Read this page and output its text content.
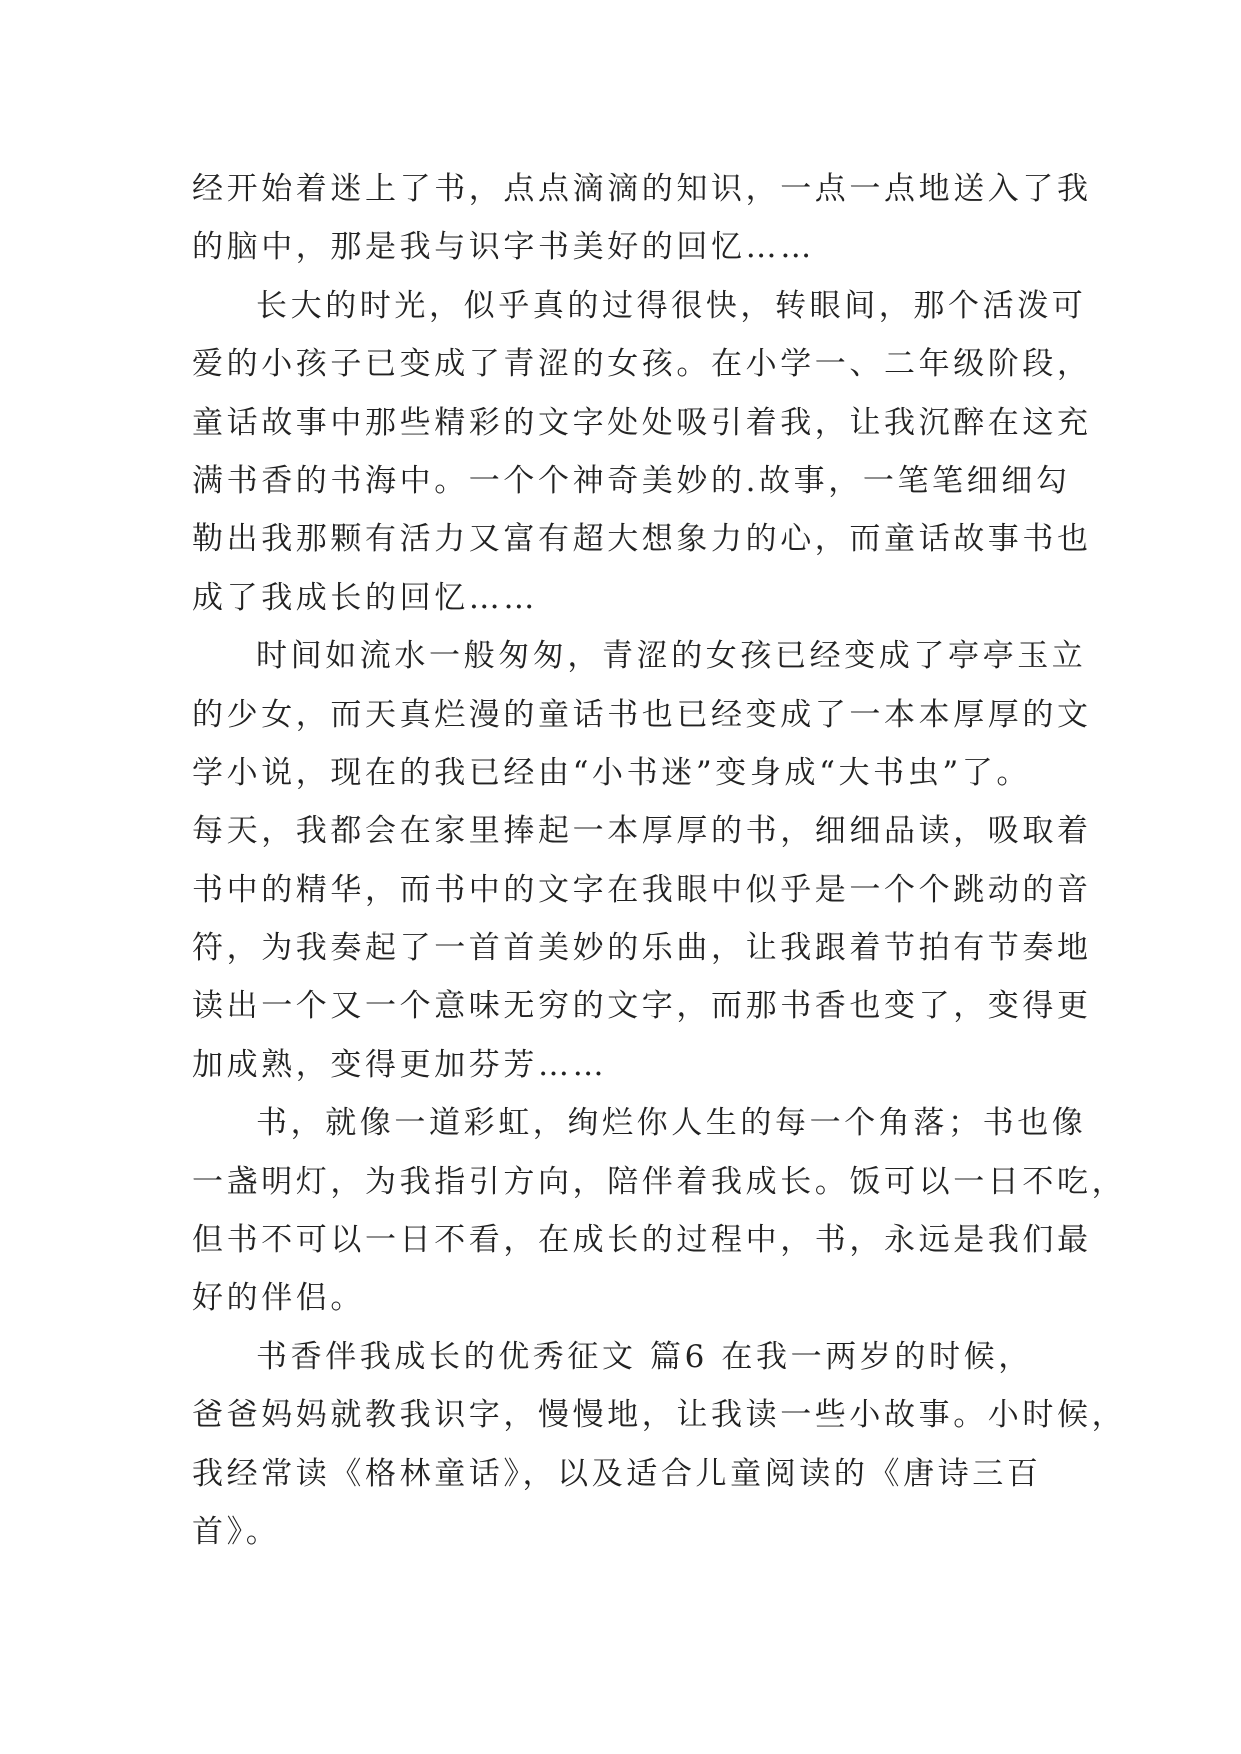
经开始着迷上了书，点点滴滴的知识，一点一点地送入了我
的脑中，那是我与识字书美好的回忆……
长大的时光，似乎真的过得很快，转眼间，那个活泼可
爱的小孩子已变成了青涩的女孩。在小学一、二年级阶段，
童话故事中那些精彩的文字处处吸引着我，让我沉醉在这充
满书香的书海中。一个个神奇美妙的.故事，一笔笔细细勾
勒出我那颗有活力又富有超大想象力的心，而童话故事书也
成了我成长的回忆……
时间如流水一般匆匆，青涩的女孩已经变成了亭亭玉立
的少女，而天真烂漫的童话书也已经变成了一本本厚厚的文
学小说，现在的我已经由“小书迷”变身成“大书虫”了。
每天，我都会在家里捧起一本厚厚的书，细细品读，吸取着
书中的精华，而书中的文字在我眼中似乎是一个个跳动的音
符，为我奏起了一首首美妙的乐曲，让我跟着节拍有节奏地
读出一个又一个意味无穷的文字，而那书香也变了，变得更
加成熟，变得更加芬芳……
书，就像一道彩虹，绚烂你人生的每一个角落；书也像
一盏明灯，为我指引方向，陪伴着我成长。饭可以一日不吃，
但书不可以一日不看，在成长的过程中，书，永远是我们最
好的伴侣。
书香伴我成长的优秀征文 篇6 在我一两岁的时候，
爸爸妈妈就教我识字，慢慢地，让我读一些小故事。小时候，
我经常读《格林童话》，以及适合儿童阅读的《唐诗三百
首》。
